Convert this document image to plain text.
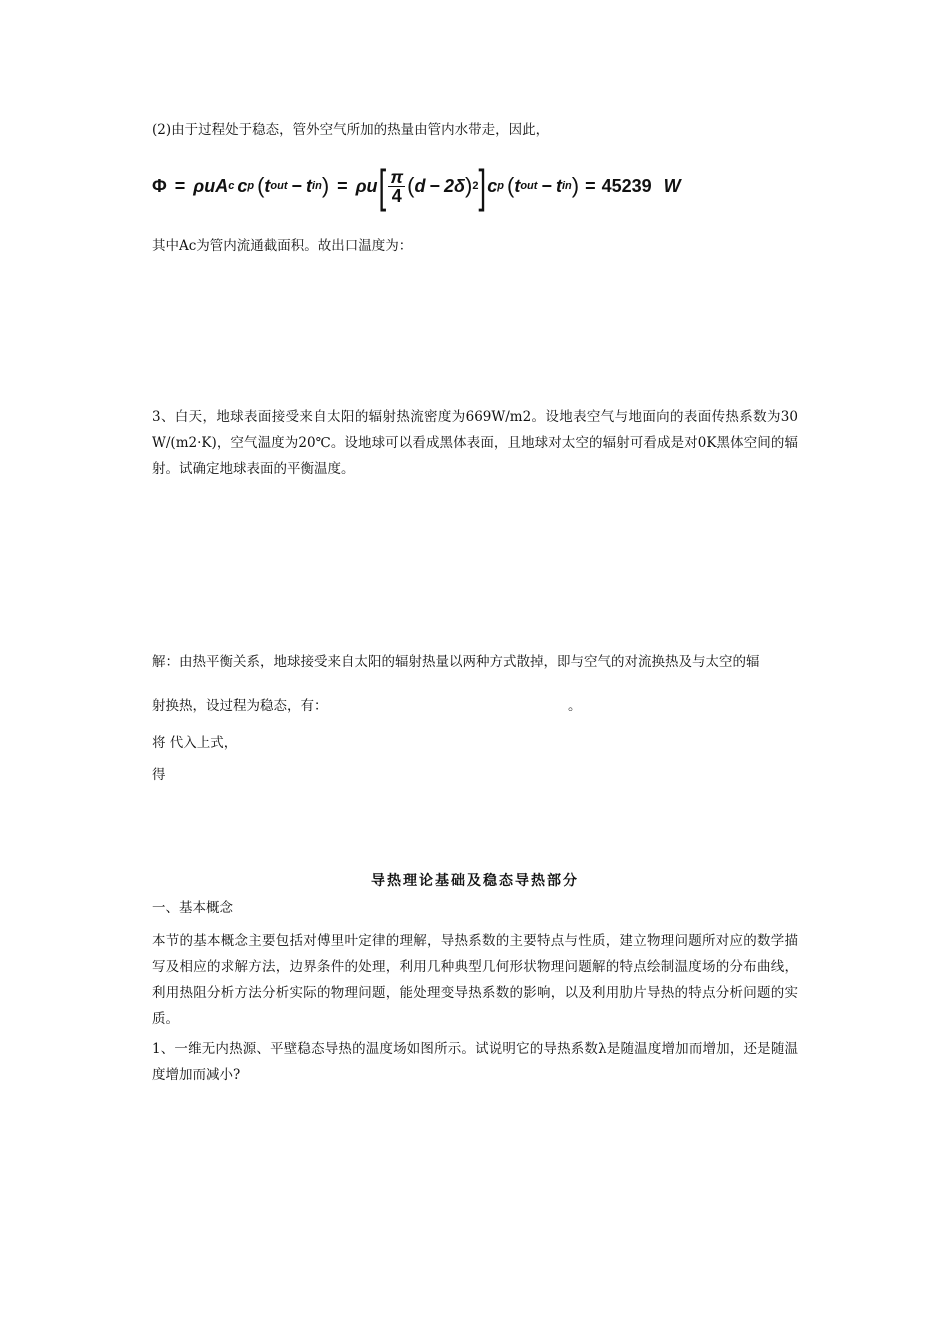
(2)由于过程处于稳态，管外空气所加的热量由管内水带走，因此，
Φ = ρuA c c p ( t out − t in ) = ρu [ $\frac{\pi}{4}$ ( d − 2δ ) 2 ] c p ( t out − t in ) = 45239 W
其中Ac为管内流通截面积。故出口温度为：
3、白天，地球表面接受来自太阳的辐射热流密度为669W/m2。设地表空气与地面向的表面传热系数为30 W/(m2·K)，空气温度为20℃。设地球可以看成黑体表面，且地球对太空的辐射可看成是对0K黑体空间的辐射。试确定地球表面的平衡温度。
解：由热平衡关系，地球接受来自太阳的辐射热量以两种方式散掉，即与空气的对流换热及与太空的辐
射换热，设过程为稳态，有：	。
将 代入上式，
得
导热理论基础及稳态导热部分
一、基本概念
本节的基本概念主要包括对傅里叶定律的理解，导热系数的主要特点与性质，建立物理问题所对应的数学描写及相应的求解方法，边界条件的处理，利用几种典型几何形状物理问题解的特点绘制温度场的分布曲线，利用热阻分析方法分析实际的物理问题，能处理变导热系数的影响，以及利用肋片导热的特点分析问题的实质。
1、一维无内热源、平壁稳态导热的温度场如图所示。试说明它的导热系数λ是随温度增加而增加，还是随温度增加而减小?
